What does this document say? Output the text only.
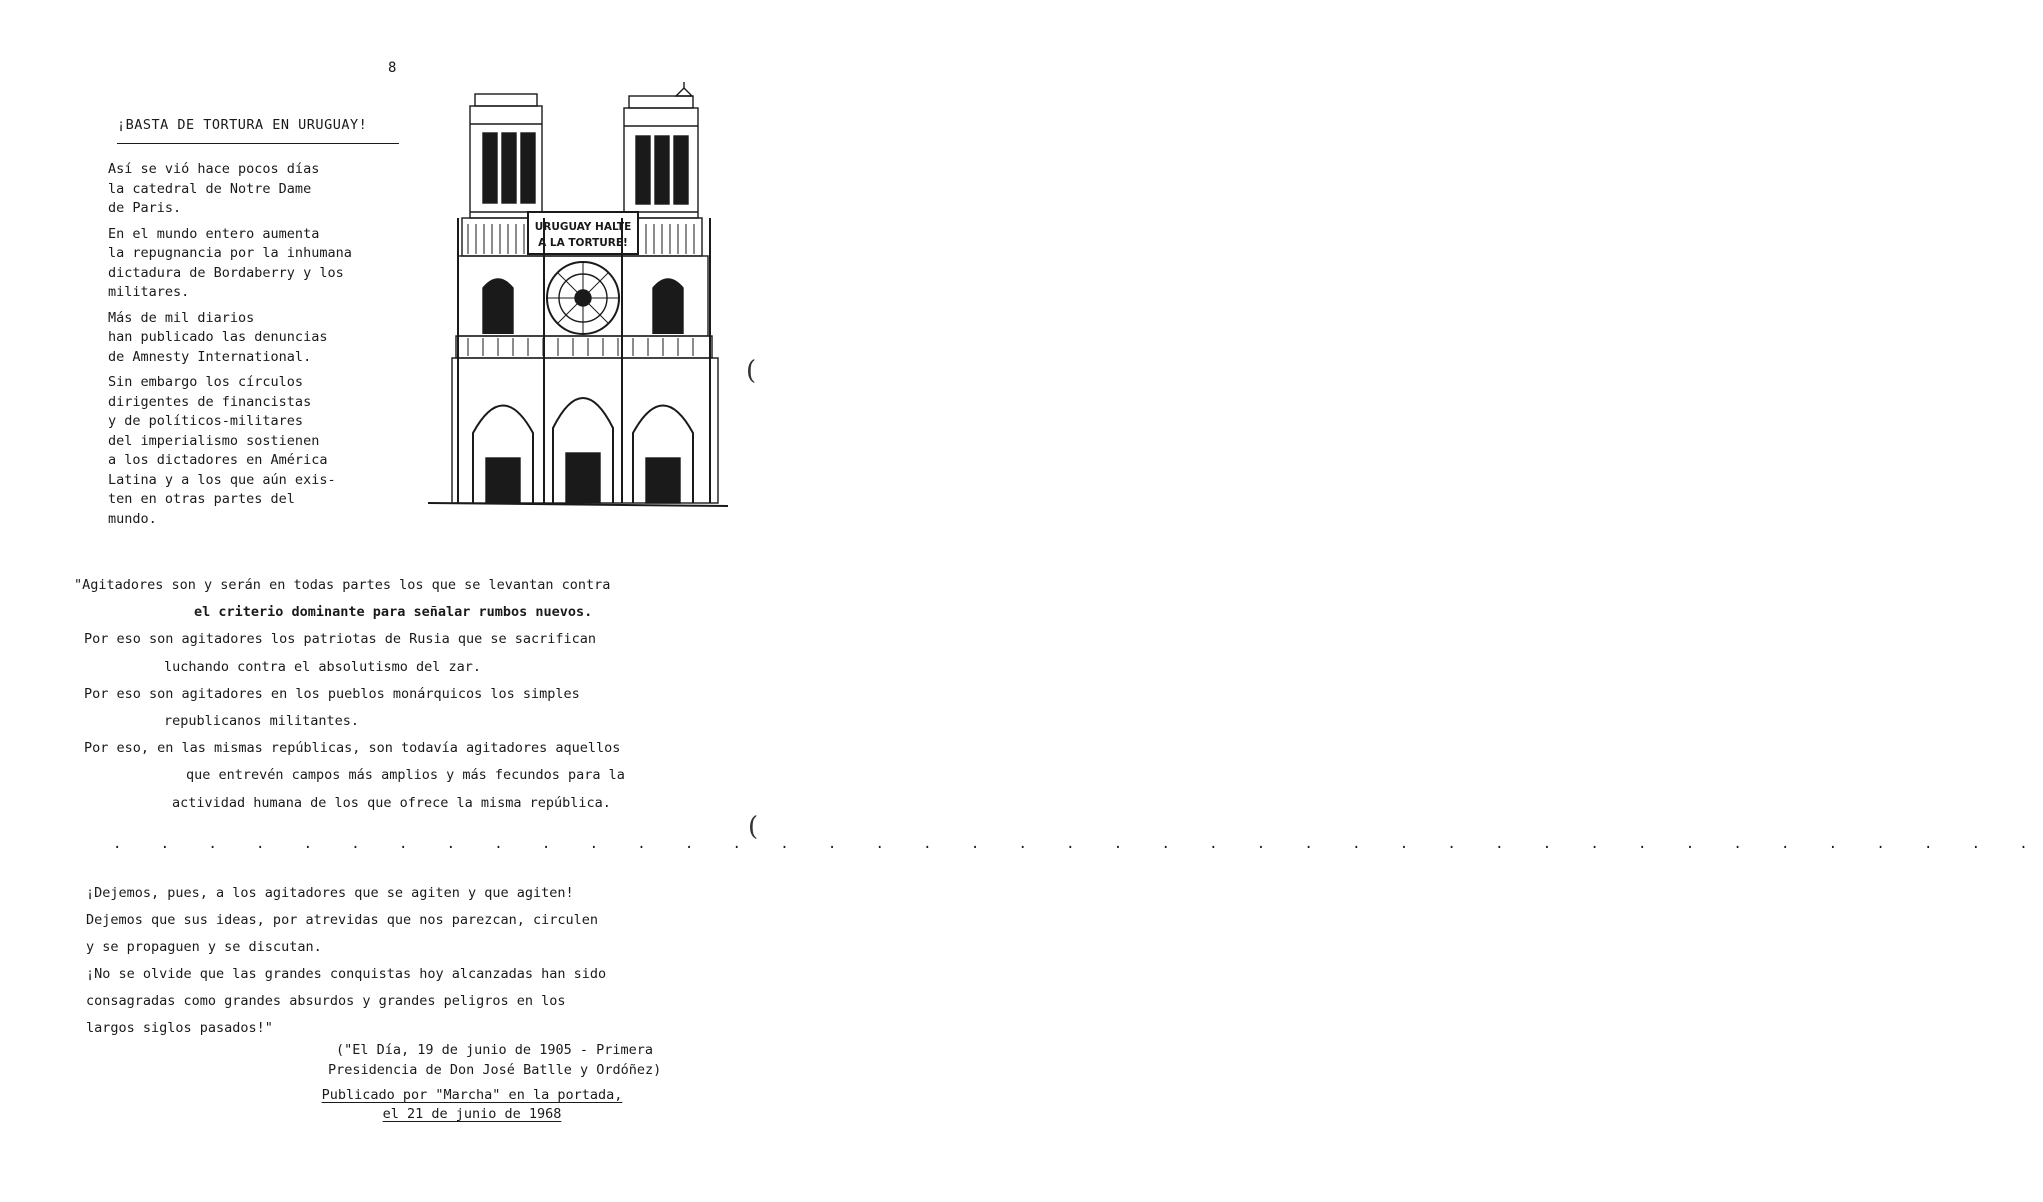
8
¡BASTA DE TORTURA EN URUGUAY!

Así se vió hace pocos días
la catedral de Notre Dame
de Paris.

En el mundo entero aumenta
la repugnancia por la inhumana
dictadura de Bordaberry y los
militares.

Más de mil diarios
han publicado las denuncias
de Amnesty International.

Sin embargo los círculos
dirigentes de financistas
y de políticos-militares
del imperialismo sostienen
a los dictadores en América
Latina y a los que aún exis-
ten en otras partes del
mundo.

URUGUAY HALTE
A LA TORTURE!
(
(
"Agitadores son y serán en todas partes los que se levantan contra
el criterio dominante para señalar rumbos nuevos.
Por eso son agitadores los patriotas de Rusia que se sacrifican
luchando contra el absolutismo del zar.
Por eso son agitadores en los pueblos monárquicos los simples
republicanos militantes.
Por eso, en las mismas repúblicas, son todavía agitadores aquellos
que entrevén campos más amplios y más fecundos para la
actividad humana de los que ofrece la misma república.
. . . . . . . . . . . . . . . . . . . . . . . . . . . . . . . . . . . . . . . . .
¡Dejemos, pues, a los agitadores que se agiten y que agiten!
Dejemos que sus ideas, por atrevidas que nos parezcan, circulen
y se propaguen y se discutan.
¡No se olvide que las grandes conquistas hoy alcanzadas han sido
consagradas como grandes absurdos y grandes peligros en los
largos siglos pasados!"
("El Día, 19 de junio de 1905 - Primera
Presidencia de Don José Batlle y Ordóñez)
Publicado por "Marcha" en la portada,
el 21 de junio de 1968
